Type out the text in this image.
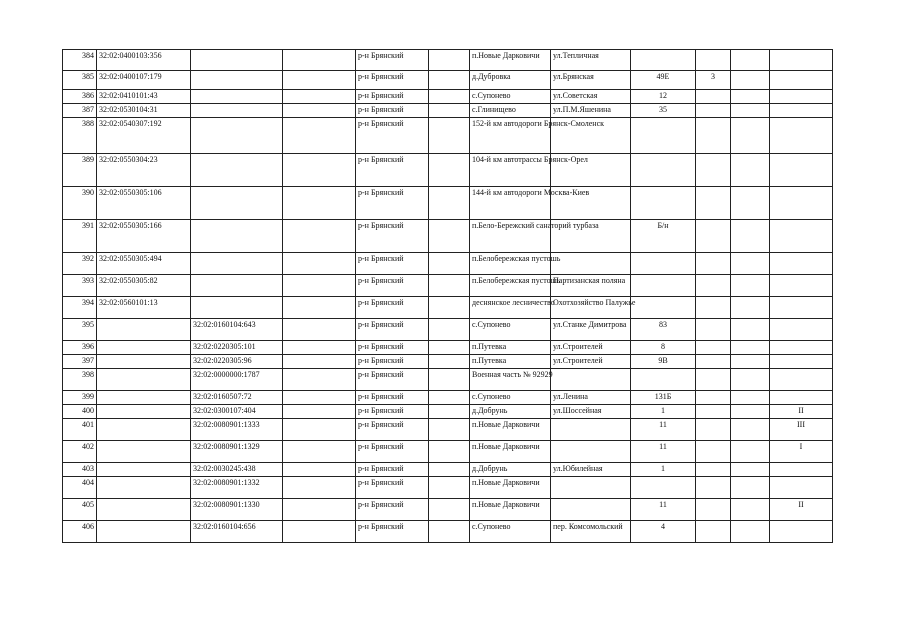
384	32:02:0400103:356			р-н Брянский		п.Новые Дарковичи	ул.Тепличная				
385	32:02:0400107:179			р-н Брянский		д.Дубровка	ул.Брянская	49Е	3		
386	32:02:0410101:43			р-н Брянский		с.Супонево	ул.Советская	12			
387	32:02:0530104:31			р-н Брянский		с.Глинищево	ул.П.М.Яшенина	35			
388	32:02:0540307:192			р-н Брянский		152-й км автодороги Брянск-Смоленск					
389	32:02:0550304:23			р-н Брянский		104-й км автотрассы Брянск-Орел					
390	32:02:0550305:106			р-н Брянский		144-й км автодороги Москва-Киев					
391	32:02:0550305:166			р-н Брянский		п.Бело-Бережский санаторий турбаза		Б/н			
392	32:02:0550305:494			р-н Брянский		п.Белобережская пустошь					
393	32:02:0550305:82			р-н Брянский		п.Белобережская пустошь	Партизанская поляна				
394	32:02:0560101:13			р-н Брянский		деснянское лесничество	Охотхозяйство Палужье				
395		32:02:0160104:643		р-н Брянский		с.Супонево	ул.Станке Димитрова	83			
396		32:02:0220305:101		р-н Брянский		п.Путевка	ул.Строителей	8			
397		32:02:0220305:96		р-н Брянский		п.Путевка	ул.Строителей	9В			
398		32:02:0000000:1787		р-н Брянский		Военная часть № 92929					
399		32:02:0160507:72		р-н Брянский		с.Супонево	ул.Ленина	131Б			
400		32:02:0300107:404		р-н Брянский		д.Добрунь	ул.Шоссейная	1			II
401		32:02:0080901:1333		р-н Брянский		п.Новые Дарковичи		11			III
402		32:02:0080901:1329		р-н Брянский		п.Новые Дарковичи		11			I
403		32:02:0030245:438		р-н Брянский		д.Добрунь	ул.Юбилейная	1			
404		32:02:0080901:1332		р-н Брянский		п.Новые Дарковичи					
405		32:02:0080901:1330		р-н Брянский		п.Новые Дарковичи		11			II
406		32:02:0160104:656		р-н Брянский		с.Супонево	пер. Комсомольский	4			
